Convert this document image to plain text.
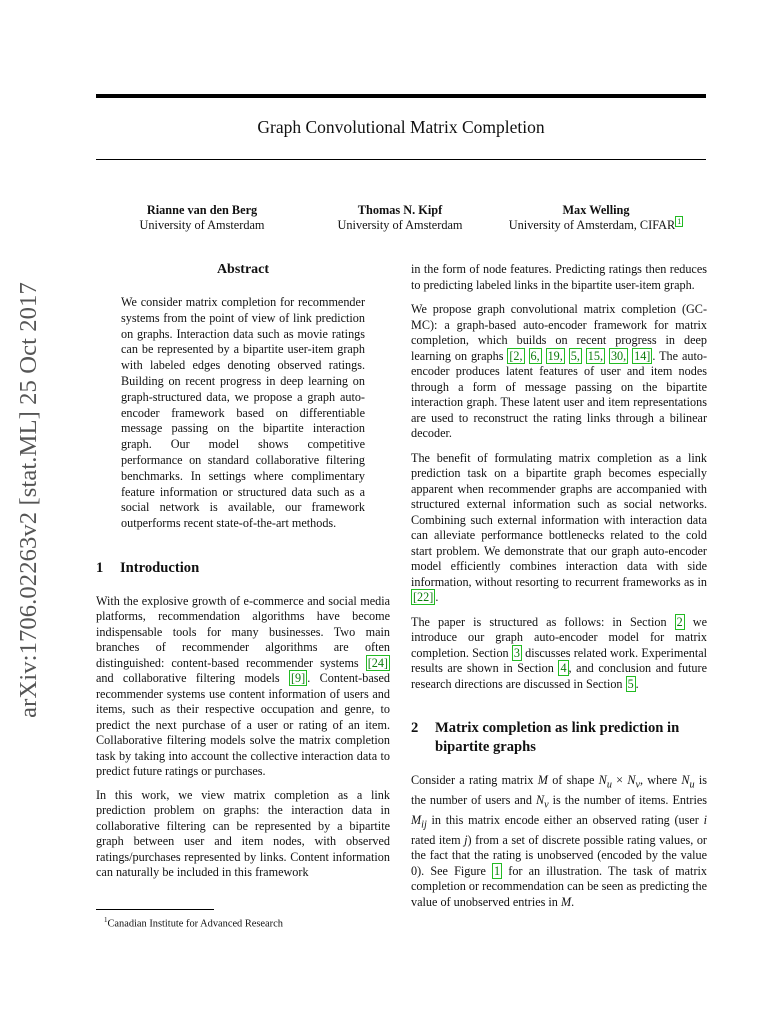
arXiv:1706.02263v2 [stat.ML] 25 Oct 2017
Graph Convolutional Matrix Completion
Rianne van den Berg
University of Amsterdam
Thomas N. Kipf
University of Amsterdam
Max Welling
University of Amsterdam, CIFAR $^1$
Abstract

We consider matrix completion for recommender systems from the point of view of link prediction on graphs. Interaction data such as movie ratings can be represented by a bipartite user-item graph with labeled edges denoting observed ratings. Building on recent progress in deep learning on graph-structured data, we propose a graph auto-encoder framework based on differentiable message passing on the bipartite interaction graph. Our model shows competitive performance on standard collaborative filtering benchmarks. In settings where complimentary feature information or structured data such as a social network is available, our framework outperforms recent state-of-the-art methods.

1	Introduction

With the explosive growth of e-commerce and social media platforms, recommendation algorithms have become indispensable tools for many businesses. Two main branches of recommender algorithms are often distinguished: content-based recommender systems [24] and collaborative filtering models [9] . Content-based recommender systems use content information of users and items, such as their respective occupation and genre, to predict the next purchase of a user or rating of an item. Collaborative filtering models solve the matrix completion task by taking into account the collective interaction data to predict future ratings or purchases.

In this work, we view matrix completion as a link prediction problem on graphs: the interaction data in collaborative filtering can be represented by a bipartite graph between user and item nodes, with observed ratings/purchases represented by links. Content information can naturally be included in this framework

in the form of node features. Predicting ratings then reduces to predicting labeled links in the bipartite user-item graph.

We propose graph convolutional matrix completion (GC-MC): a graph-based auto-encoder framework for matrix completion, which builds on recent progress in deep learning on graphs [2, 6, 19, 5, 15, 30, 14] . The auto-encoder produces latent features of user and item nodes through a form of message passing on the bipartite interaction graph. These latent user and item representations are used to reconstruct the rating links through a bilinear decoder.

The benefit of formulating matrix completion as a link prediction task on a bipartite graph becomes especially apparent when recommender graphs are accompanied with structured external information such as social networks. Combining such external information with interaction data can alleviate performance bottlenecks related to the cold start problem. We demonstrate that our graph auto-encoder model efficiently combines interaction data with side information, without resorting to recurrent frameworks as in [22] .

The paper is structured as follows: in Section 2 we introduce our graph auto-encoder model for matrix completion. Section 3 discusses related work. Experimental results are shown in Section 4 , and conclusion and future research directions are discussed in Section 5 .

2	Matrix completion as link prediction in bipartite graphs

Consider a rating matrix M of shape $N_u \times N_v$, where $N_u$ is the number of users and $N_v$ is the number of items. Entries $M_{ij}$ in this matrix encode either an observed rating (user i rated item j) from a set of discrete possible rating values, or the fact that the rating is unobserved (encoded by the value 0). See Figure 1 for an illustration. The task of matrix completion or recommendation can be seen as predicting the value of unobserved entries in M.

$^1$Canadian Institute for Advanced Research
